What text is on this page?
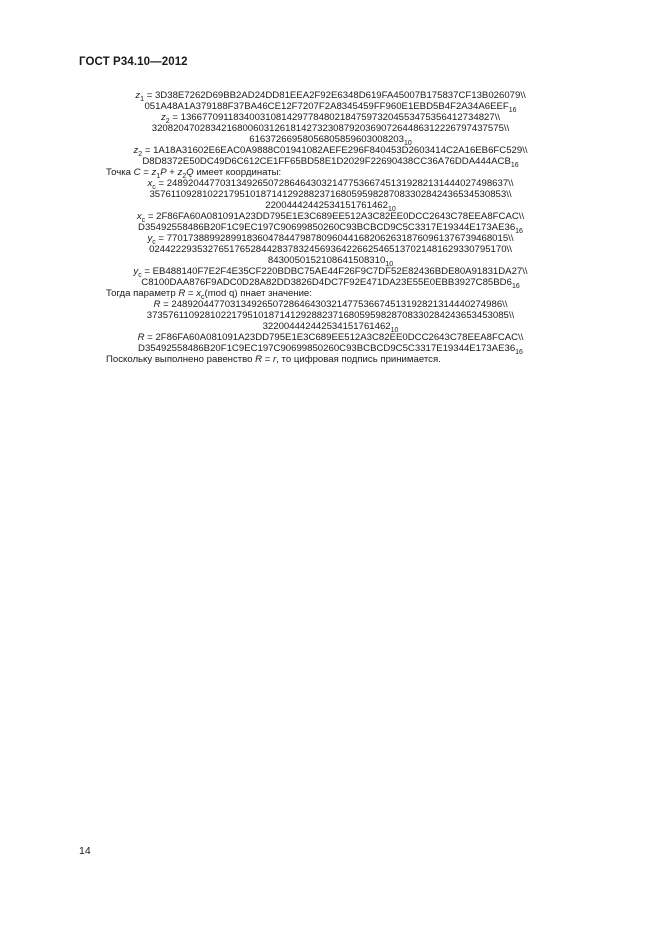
ГОСТ Р34.10—2012
$z_1$ = 3D38E7262D69BB2AD24DD81EEA2F92E6348D619FA45007B175837CF13B026079\\
$051A48A1A379188F37BA46CE12F7207F2A8345459FF960E1EBD5B4F2A34A6EEF_{16}$
$z_2$ = 13667709118340031081429778480218475973204553475356412734827\\
320820470283421680060312618142732308792036907264486312226797437575\\
$61637266958056805859603008203_{10}$
$z_2$ = 1A18A31602E6EAC0A9888C01941082AEFE296F840453D2603414C2A16EB6FC529\\
$D8D8372E50DC49D6C612CE1FF65BD58E1D2029F22690438CC36A76DDA444ACB_{16}$
Точка $C = z_1P + z_2Q$ имеет координаты:
$x_c$ = 2489204477031349265072864643032147753667451319282131444027498637\\
3576110928102217951018714129288237168059598287083302842436534530853\\
$22004442442534151761462_{10}$
$x_c$ = 2F86FA60A081091A23DD795E1E3C689EE512A3C82EE0DCC2643C78EEA8FCAC\\
$D35492558486B20F1C9EC197C90699850260C93BCBCD9C5C3317E19344E173AE36_{16}$
$y_c$ = 7701738899289918360478447987809604416820626318760961376739468015\\
0244222935327651765284428378324569364226625465137021481629330795170\\
$8430050152108641508310_{10}$
$y_c$ = EB488140F7E2F4E35CF220BDBC75AE44F26F9C7DF52E82436BDE80A91831DA27\\
$C8100DAA876F9ADC0D28A82DD3826D4DC7F92E471DA23E55E0EBB3927C85BD6_{16}$
Тогда параметр $R = x_c(mod$ q) пнает значение:
R = 24892044770313492650728646430321477536674513192821314440274986\\
37357611092810221795101871412928823716805959828708330284243653453085\\
$322004442442534151761462_{10}$
R = 2F86FA60A081091A23DD795E1E3C689EE512A3C82EE0DCC2643C78EEA8FCAC\\
$D35492558486B20F1C9EC197C90699850260C93BCBCD9C5C3317E19344E173AE36_{16}$
Поскольку выполнено равенство R = r, то цифровая подпись принимается.
14
